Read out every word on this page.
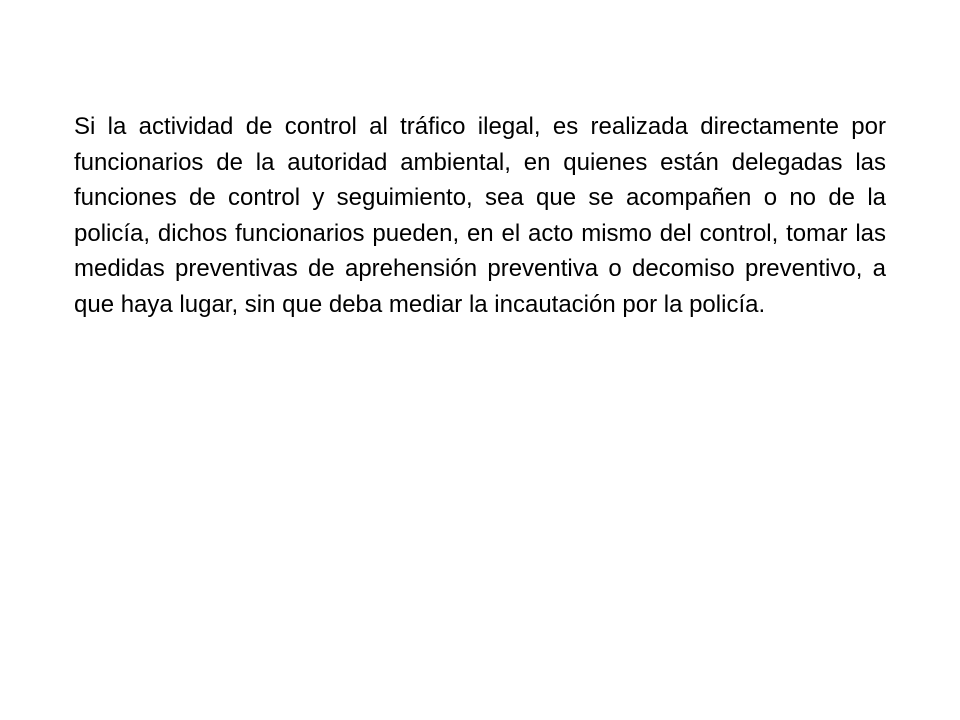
Si la actividad de control al tráfico ilegal, es realizada directamente por funcionarios de la autoridad ambiental, en quienes están delegadas las funciones de control y seguimiento, sea que se acompañen o no de la policía, dichos funcionarios pueden, en el acto mismo del control, tomar las medidas preventivas de aprehensión preventiva o decomiso preventivo, a que haya lugar, sin que deba mediar la incautación por la policía.
